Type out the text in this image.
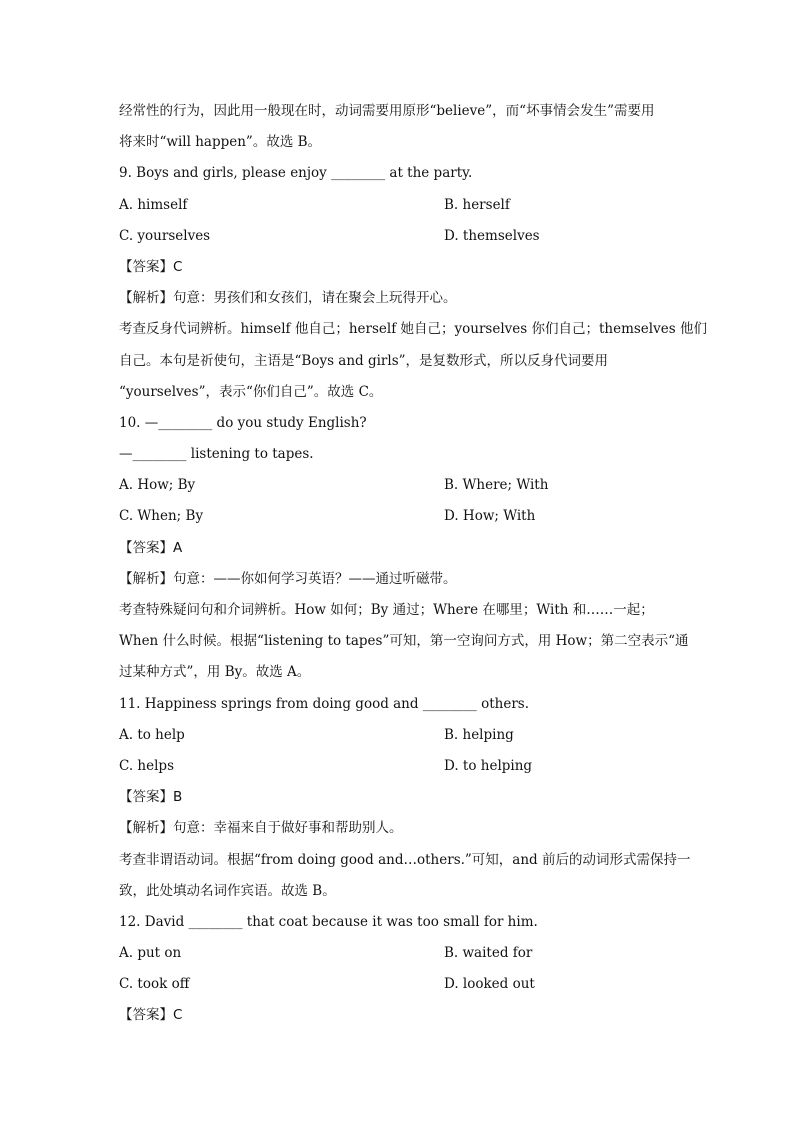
经常性的行为，因此用一般现在时，动词需要用原形“believe”，而“坏事情会发生”需要用
将来时“will happen”。故选 B。
9. Boys and girls, please enjoy ________ at the party.
A. himself	B. herself
C. yourselves	D. themselves
【答案】C
【解析】句意：男孩们和女孩们，请在聚会上玩得开心。
考查反身代词辨析。himself 他自己；herself 她自己；yourselves 你们自己；themselves 他们
自己。本句是祈使句，主语是“Boys and girls”，是复数形式，所以反身代词要用
“yourselves”，表示“你们自己”。故选 C。
10. —________ do you study English?
—________ listening to tapes.
A. How; By	B. Where; With
C. When; By	D. How; With
【答案】A
【解析】句意：——你如何学习英语？——通过听磁带。
考查特殊疑问句和介词辨析。How 如何；By 通过；Where 在哪里；With 和……一起；
When 什么时候。根据“listening to tapes”可知，第一空询问方式，用 How；第二空表示“通
过某种方式”，用 By。故选 A。
11. Happiness springs from doing good and ________ others.
A. to help	B. helping
C. helps	D. to helping
【答案】B
【解析】句意：幸福来自于做好事和帮助别人。
考查非谓语动词。根据“from doing good and…others.”可知，and 前后的动词形式需保持一
致，此处填动名词作宾语。故选 B。
12. David ________ that coat because it was too small for him.
A. put on	B. waited for
C. took off	D. looked out
【答案】C
